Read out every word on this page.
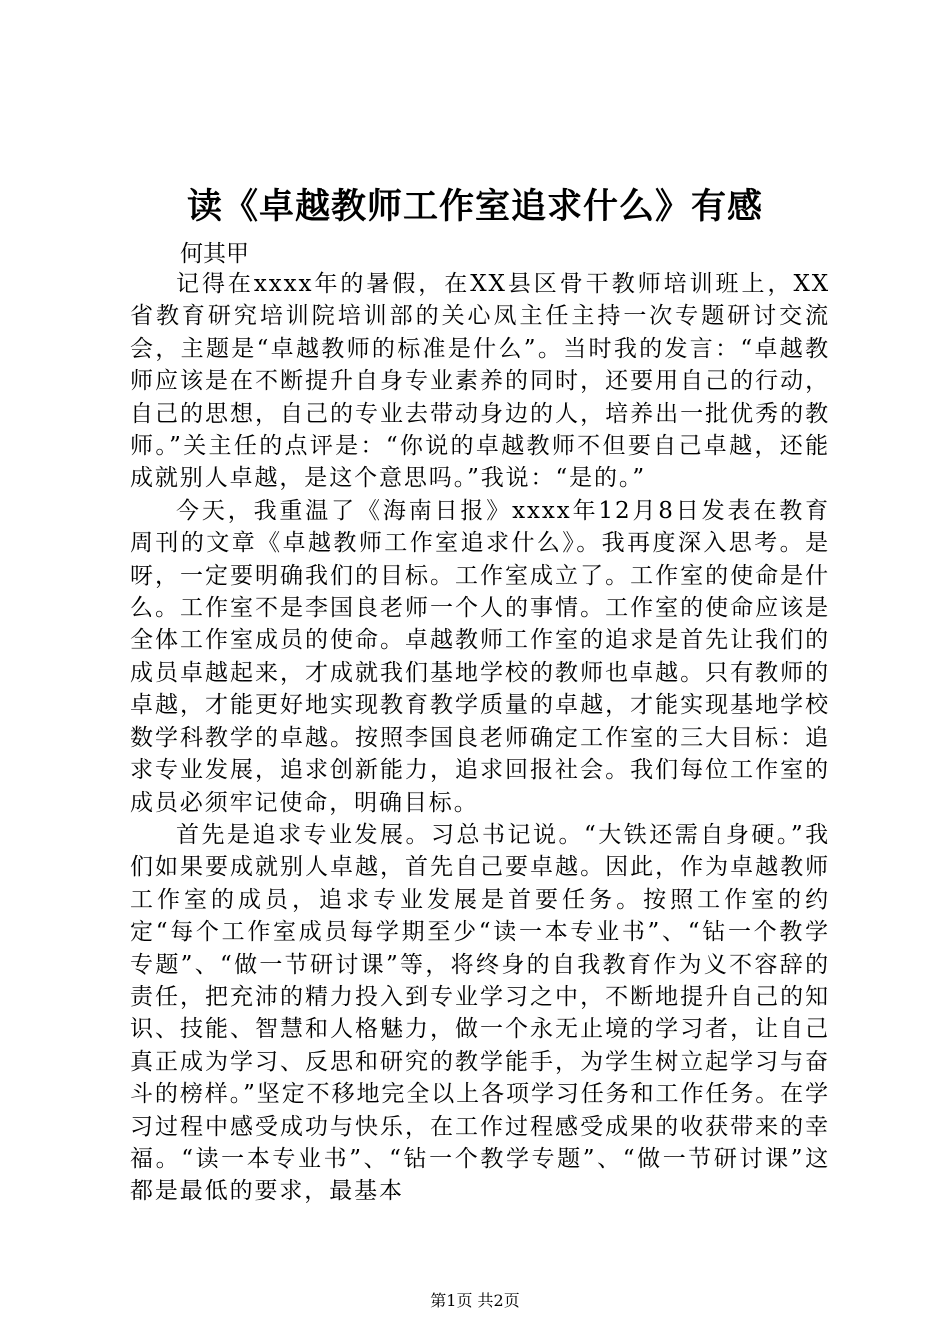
读《卓越教师工作室追求什么》有感

何其甲

记得在xxxx年的暑假，在XX县区骨干教师培训班上，XX省教育研究培训院培训部的关心凤主任主持一次专题研讨交流会，主题是“卓越教师的标准是什么”。当时我的发言：“卓越教师应该是在不断提升自身专业素养的同时，还要用自己的行动，自己的思想，自己的专业去带动身边的人，培养出一批优秀的教师。”关主任的点评是：“你说的卓越教师不但要自己卓越，还能成就别人卓越，是这个意思吗。”我说：“是的。”

今天，我重温了《海南日报》xxxx年12月8日发表在教育周刊的文章《卓越教师工作室追求什么》。我再度深入思考。是呀，一定要明确我们的目标。工作室成立了。工作室的使命是什么。工作室不是李国良老师一个人的事情。工作室的使命应该是全体工作室成员的使命。卓越教师工作室的追求是首先让我们的成员卓越起来，才成就我们基地学校的教师也卓越。只有教师的卓越，才能更好地实现教育教学质量的卓越，才能实现基地学校数学科教学的卓越。按照李国良老师确定工作室的三大目标：追求专业发展，追求创新能力，追求回报社会。我们每位工作室的成员必须牢记使命，明确目标。

首先是追求专业发展。习总书记说。“大铁还需自身硬。”我们如果要成就别人卓越，首先自己要卓越。因此，作为卓越教师工作室的成员，追求专业发展是首要任务。按照工作室的约定“每个工作室成员每学期至少“读一本专业书”、“钻一个教学专题”、“做一节研讨课”等，将终身的自我教育作为义不容辞的责任，把充沛的精力投入到专业学习之中，不断地提升自己的知识、技能、智慧和人格魅力，做一个永无止境的学习者，让自己真正成为学习、反思和研究的教学能手，为学生树立起学习与奋斗的榜样。”坚定不移地完全以上各项学习任务和工作任务。在学习过程中感受成功与快乐，在工作过程感受成果的收获带来的幸福。“读一本专业书”、“钻一个教学专题”、“做一节研讨课”这都是最低的要求，最基本

第1页 共2页
